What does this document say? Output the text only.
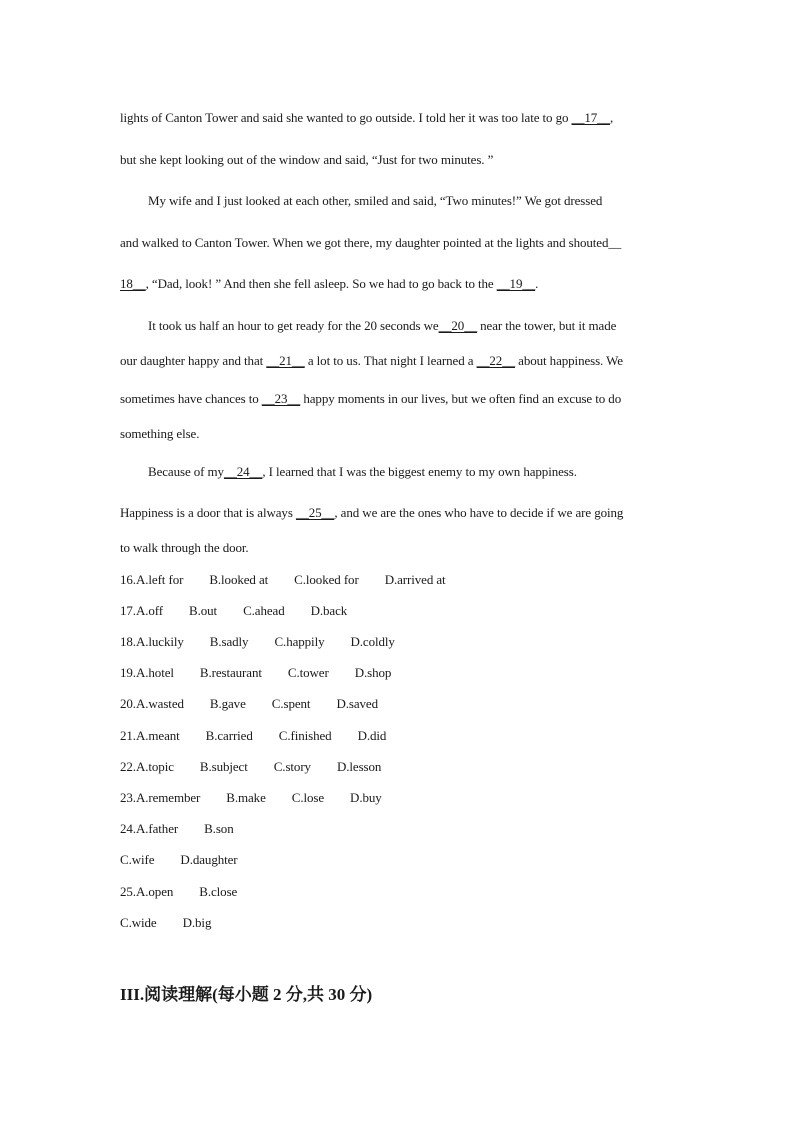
lights of Canton Tower and said she wanted to go outside. I told her it was too late to go __17__,
but she kept looking out of the window and said, “Just for two minutes. ”
My wife and I just looked at each other, smiled and said, “Two minutes!” We got dressed
and walked to Canton Tower. When we got there, my daughter pointed at the lights and shouted__
18__, “Dad, look! ” And then she fell asleep. So we had to go back to the __19__.
It took us half an hour to get ready for the 20 seconds we__20__ near the tower, but it made
our daughter happy and that __21__ a lot to us. That night I learned a __22__ about happiness. We
sometimes have chances to __23__ happy moments in our lives, but we often find an excuse to do
something else.
Because of my__24__, I learned that I was the biggest enemy to my own happiness.
Happiness is a door that is always __25__, and we are the ones who have to decide if we are going
to walk through the door.
16.A.left for B.looked at C.looked for D.arrived at
17.A.off B.out C.ahead D.back
18.A.luckily B.sadly C.happily D.coldly
19.A.hotel B.restaurant C.tower D.shop
20.A.wasted B.gave C.spent D.saved
21.A.meant B.carried C.finished D.did
22.A.topic B.subject C.story D.lesson
23.A.remember B.make C.lose D.buy
24.A.father B.son
C.wife D.daughter
25.A.open B.close
C.wide D.big
III.阅读理解(每小题 2 分,共 30 分)
